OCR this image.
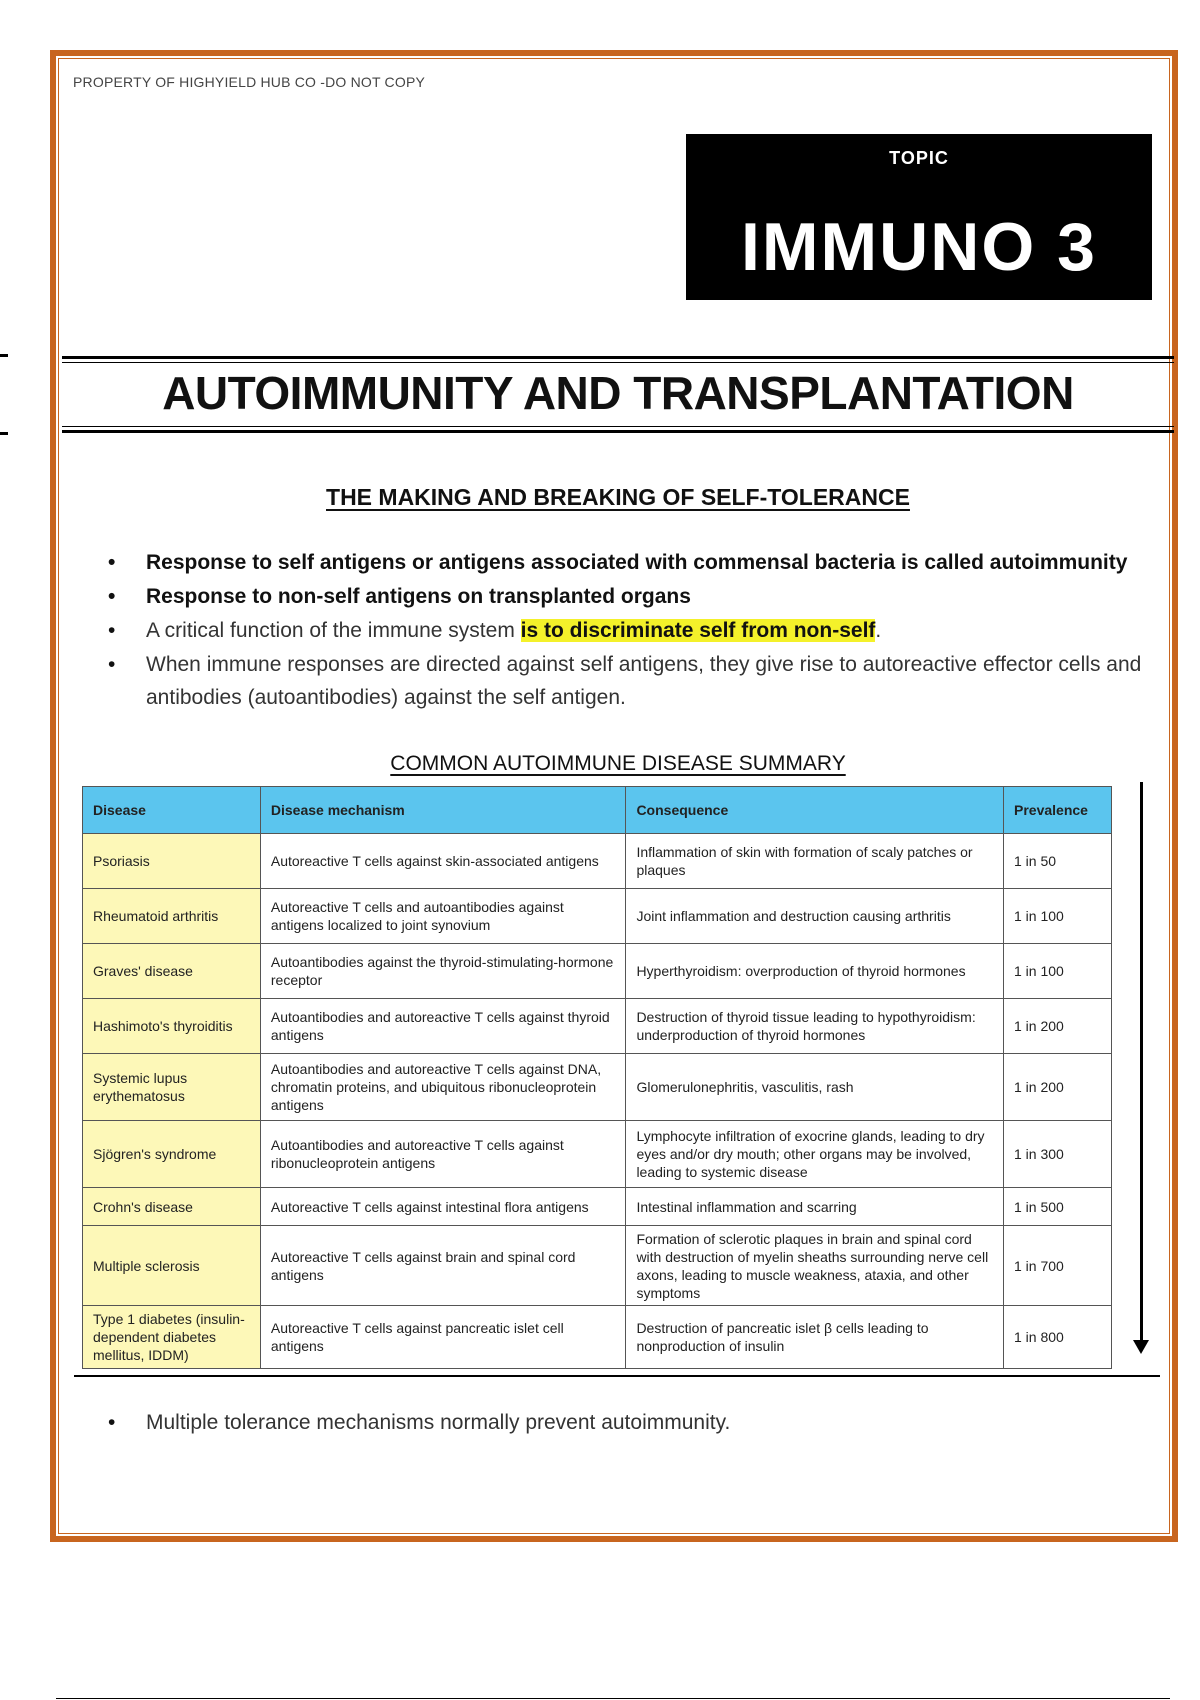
PROPERTY OF HIGHYIELD HUB CO -DO NOT COPY
TOPIC
IMMUNO 3
AUTOIMMUNITY AND TRANSPLANTATION
THE MAKING AND BREAKING OF SELF-TOLERANCE
• Response to self antigens or antigens associated with commensal bacteria is called autoimmunity
• Response to non-self antigens on transplanted organs
• A critical function of the immune system is to discriminate self from non-self.
• When immune responses are directed against self antigens, they give rise to autoreactive effector cells and antibodies (autoantibodies) against the self antigen.
COMMON AUTOIMMUNE DISEASE SUMMARY
Disease	Disease mechanism	Consequence	Prevalence
Psoriasis	Autoreactive T cells against skin-associated antigens	Inflammation of skin with formation of scaly patches or plaques	1 in 50
Rheumatoid arthritis	Autoreactive T cells and autoantibodies against antigens localized to joint synovium	Joint inflammation and destruction causing arthritis	1 in 100
Graves' disease	Autoantibodies against the thyroid-stimulating-hormone receptor	Hyperthyroidism: overproduction of thyroid hormones	1 in 100
Hashimoto's thyroiditis	Autoantibodies and autoreactive T cells against thyroid antigens	Destruction of thyroid tissue leading to hypothyroidism: underproduction of thyroid hormones	1 in 200
Systemic lupus erythematosus	Autoantibodies and autoreactive T cells against DNA, chromatin proteins, and ubiquitous ribonucleoprotein antigens	Glomerulonephritis, vasculitis, rash	1 in 200
Sjögren's syndrome	Autoantibodies and autoreactive T cells against ribonucleoprotein antigens	Lymphocyte infiltration of exocrine glands, leading to dry eyes and/or dry mouth; other organs may be involved, leading to systemic disease	1 in 300
Crohn's disease	Autoreactive T cells against intestinal flora antigens	Intestinal inflammation and scarring	1 in 500
Multiple sclerosis	Autoreactive T cells against brain and spinal cord antigens	Formation of sclerotic plaques in brain and spinal cord with destruction of myelin sheaths surrounding nerve cell axons, leading to muscle weakness, ataxia, and other symptoms	1 in 700
Type 1 diabetes (insulin-dependent diabetes mellitus, IDDM)	Autoreactive T cells against pancreatic islet cell antigens	Destruction of pancreatic islet β cells leading to nonproduction of insulin	1 in 800
• Multiple tolerance mechanisms normally prevent autoimmunity.
